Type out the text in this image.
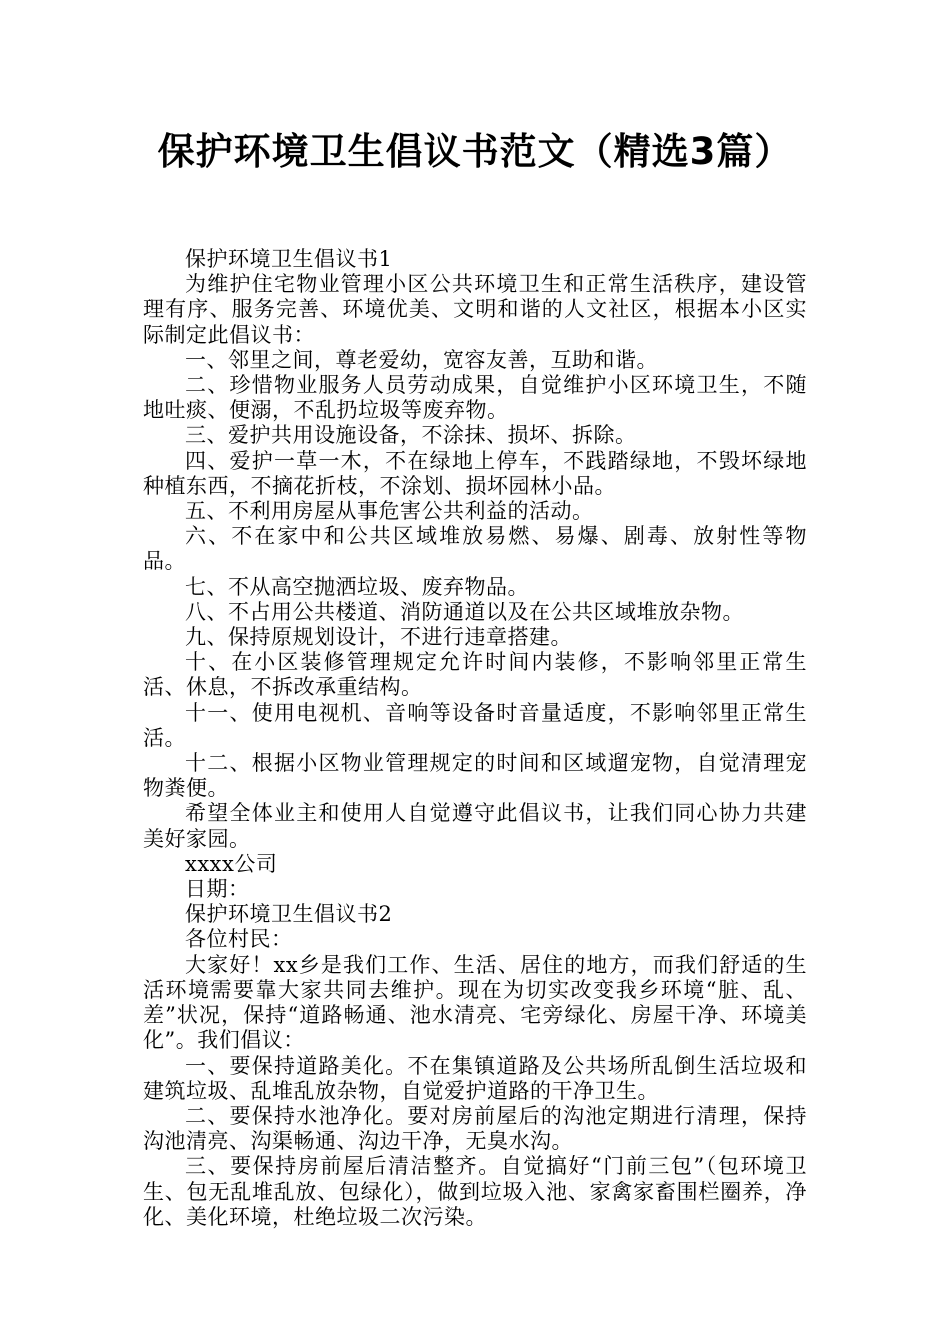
保护环境卫生倡议书范文（精选3篇）

保护环境卫生倡议书1

为维护住宅物业管理小区公共环境卫生和正常生活秩序，建设管理有序、服务完善、环境优美、文明和谐的人文社区，根据本小区实际制定此倡议书：

一、邻里之间，尊老爱幼，宽容友善，互助和谐。

二、珍惜物业服务人员劳动成果，自觉维护小区环境卫生，不随地吐痰、便溺，不乱扔垃圾等废弃物。

三、爱护共用设施设备，不涂抹、损坏、拆除。

四、爱护一草一木，不在绿地上停车，不践踏绿地，不毁坏绿地种植东西，不摘花折枝，不涂划、损坏园林小品。

五、不利用房屋从事危害公共利益的活动。

六、不在家中和公共区域堆放易燃、易爆、剧毒、放射性等物品。

七、不从高空抛洒垃圾、废弃物品。

八、不占用公共楼道、消防通道以及在公共区域堆放杂物。

九、保持原规划设计，不进行违章搭建。

十、在小区装修管理规定允许时间内装修，不影响邻里正常生活、休息，不拆改承重结构。

十一、使用电视机、音响等设备时音量适度，不影响邻里正常生活。

十二、根据小区物业管理规定的时间和区域遛宠物，自觉清理宠物粪便。

希望全体业主和使用人自觉遵守此倡议书，让我们同心协力共建美好家园。

xxxx公司

日期：

保护环境卫生倡议书2

各位村民：

大家好！xx乡是我们工作、生活、居住的地方，而我们舒适的生活环境需要靠大家共同去维护。现在为切实改变我乡环境“脏、乱、差”状况，保持“道路畅通、池水清亮、宅旁绿化、房屋干净、环境美化”。我们倡议：

一、要保持道路美化。不在集镇道路及公共场所乱倒生活垃圾和建筑垃圾、乱堆乱放杂物，自觉爱护道路的干净卫生。

二、要保持水池净化。要对房前屋后的沟池定期进行清理，保持沟池清亮、沟渠畅通、沟边干净，无臭水沟。

三、要保持房前屋后清洁整齐。自觉搞好“门前三包”（包环境卫生、包无乱堆乱放、包绿化），做到垃圾入池、家禽家畜围栏圈养，净化、美化环境，杜绝垃圾二次污染。
